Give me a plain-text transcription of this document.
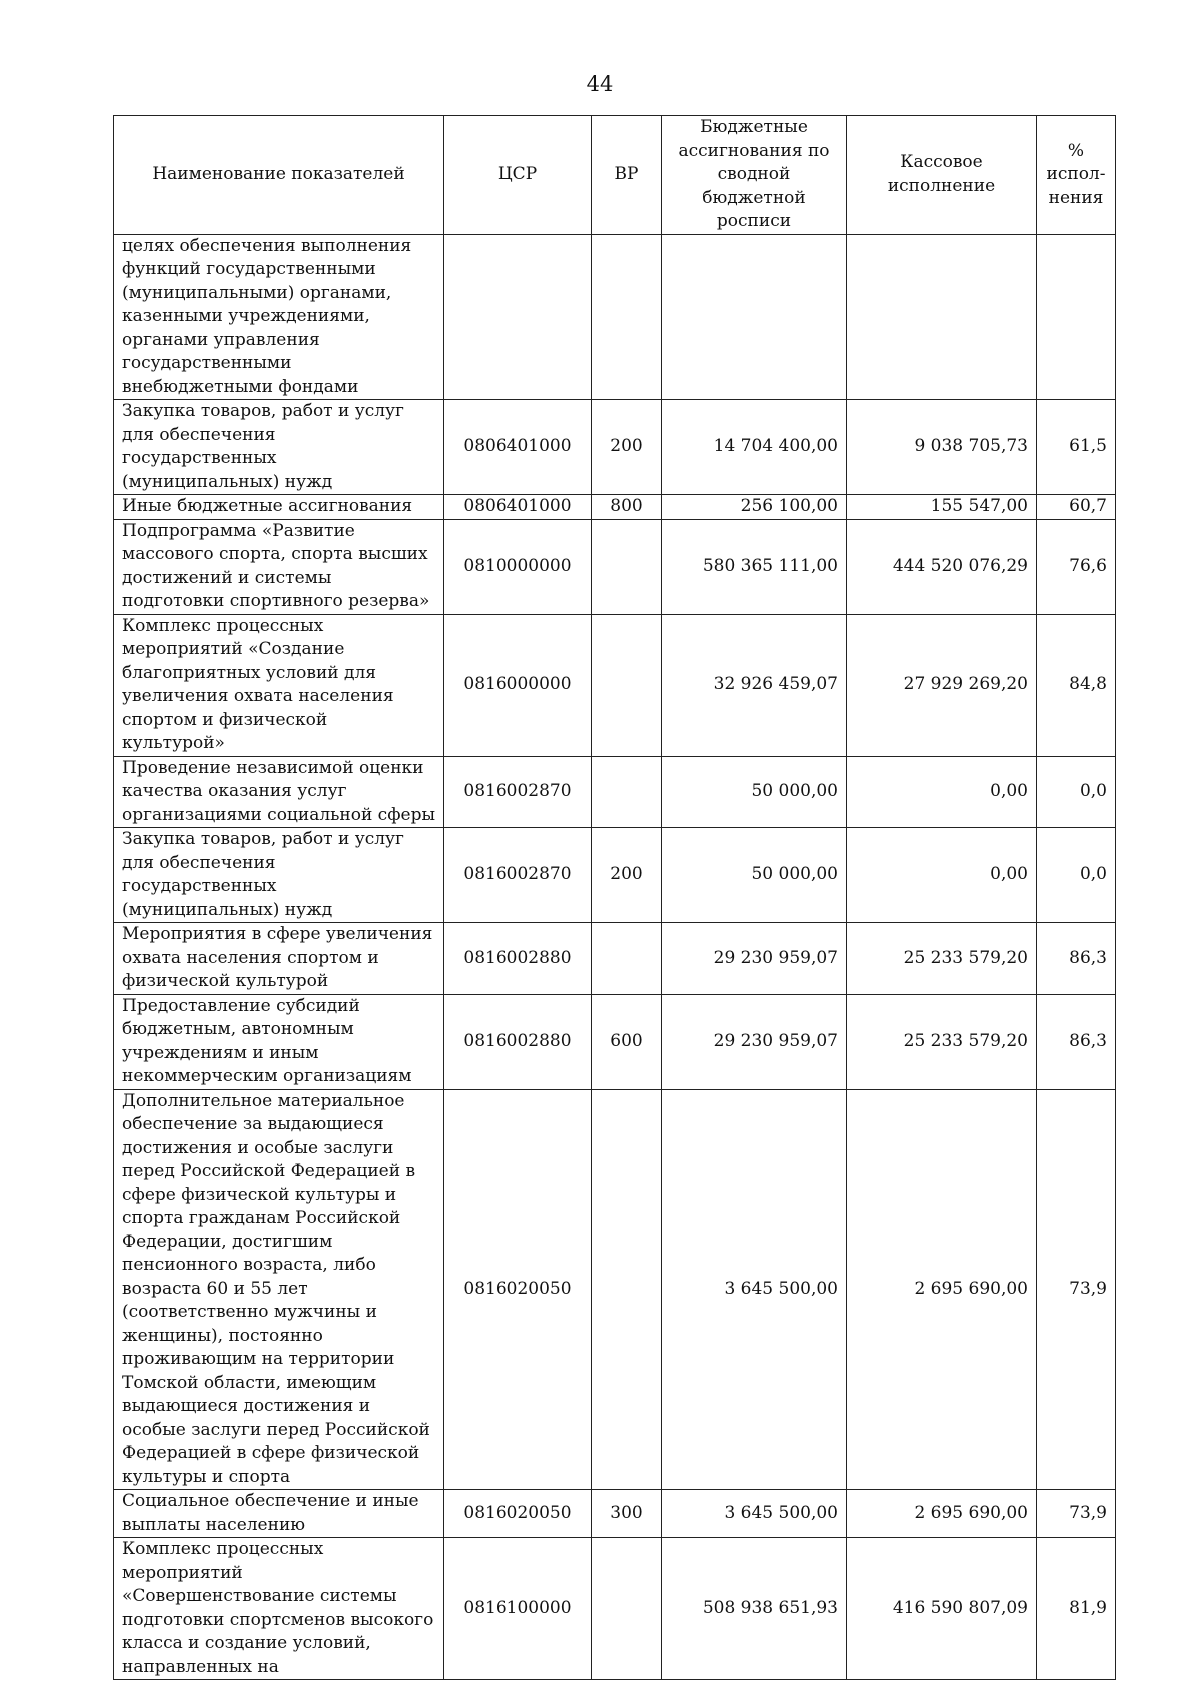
44
Наименование показателей	ЦСР	ВР	Бюджетные ассигнования по сводной бюджетной росписи	Кассовое исполнение	% испол-нения
целях обеспечения выполнения функций государственными (муниципальными) органами, казенными учреждениями, органами управления государственными внебюджетными фондами					
Закупка товаров, работ и услуг для обеспечения государственных (муниципальных) нужд	0806401000	200	14 704 400,00	9 038 705,73	61,5
Иные бюджетные ассигнования	0806401000	800	256 100,00	155 547,00	60,7
Подпрограмма «Развитие массового спорта, спорта высших достижений и системы подготовки спортивного резерва»	0810000000		580 365 111,00	444 520 076,29	76,6
Комплекс процессных мероприятий «Создание благоприятных условий для увеличения охвата населения спортом и физической культурой»	0816000000		32 926 459,07	27 929 269,20	84,8
Проведение независимой оценки качества оказания услуг организациями социальной сферы	0816002870		50 000,00	0,00	0,0
Закупка товаров, работ и услуг для обеспечения государственных (муниципальных) нужд	0816002870	200	50 000,00	0,00	0,0
Мероприятия в сфере увеличения охвата населения спортом и физической культурой	0816002880		29 230 959,07	25 233 579,20	86,3
Предоставление субсидий бюджетным, автономным учреждениям и иным некоммерческим организациям	0816002880	600	29 230 959,07	25 233 579,20	86,3
Дополнительное материальное обеспечение за выдающиеся достижения и особые заслуги перед Российской Федерацией в сфере физической культуры и спорта гражданам Российской Федерации, достигшим пенсионного возраста, либо возраста 60 и 55 лет (соответственно мужчины и женщины), постоянно проживающим на территории Томской области, имеющим выдающиеся достижения и особые заслуги перед Российской Федерацией в сфере физической культуры и спорта	0816020050		3 645 500,00	2 695 690,00	73,9
Социальное обеспечение и иные выплаты населению	0816020050	300	3 645 500,00	2 695 690,00	73,9
Комплекс процессных мероприятий «Совершенствование системы подготовки спортсменов высокого класса и создание условий, направленных на	0816100000		508 938 651,93	416 590 807,09	81,9
